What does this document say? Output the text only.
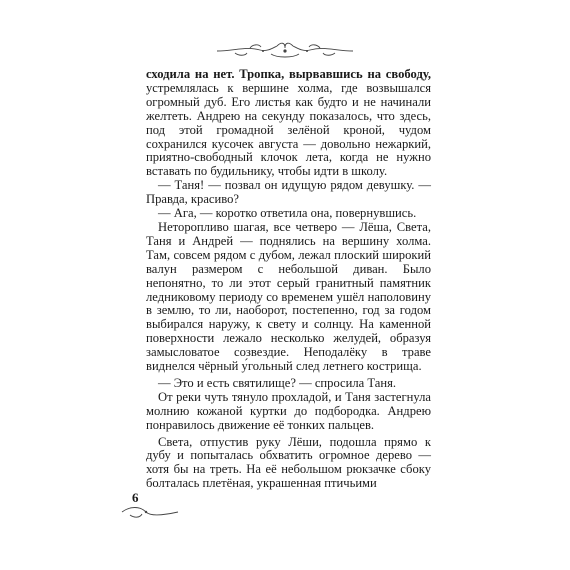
сходила на нет. Тропка, вырвавшись на свободу, устремлялась к вершине холма, где возвышался огромный дуб. Его листья как будто и не начинали желтеть. Андрею на секунду показалось, что здесь, под этой громадной зелёной кроной, чудом сохранился кусочек августа — довольно нежаркий, приятно-свободный клочок лета, когда не нужно вставать по будильнику, чтобы идти в школу.

— Таня! — позвал он идущую рядом девушку. — Правда, красиво?

— Ага, — коротко ответила она, повернувшись.

Неторопливо шагая, все четверо — Лёша, Света, Таня и Андрей — поднялись на вершину холма. Там, совсем рядом с дубом, лежал плоский широкий валун размером с небольшой диван. Было непонятно, то ли этот серый гранитный памятник ледниковому периоду со временем ушёл наполовину в землю, то ли, наоборот, постепенно, год за годом выбирался наружу, к свету и солнцу. На каменной поверхности лежало несколько желудей, образуя замысловатое созвездие. Неподалёку в траве виднелся чёрный у́гольный след летнего кострища.

— Это и есть святилище? — спросила Таня.

От реки чуть тянуло прохладой, и Таня застегнула молнию кожаной куртки до подбородка. Андрею понравилось движение её тонких пальцев.

Света, отпустив руку Лёши, подошла прямо к дубу и попыталась обхватить огромное дерево — хотя бы на треть. На её небольшом рюкзачке сбоку болталась плетёная, украшенная птичьими

6
